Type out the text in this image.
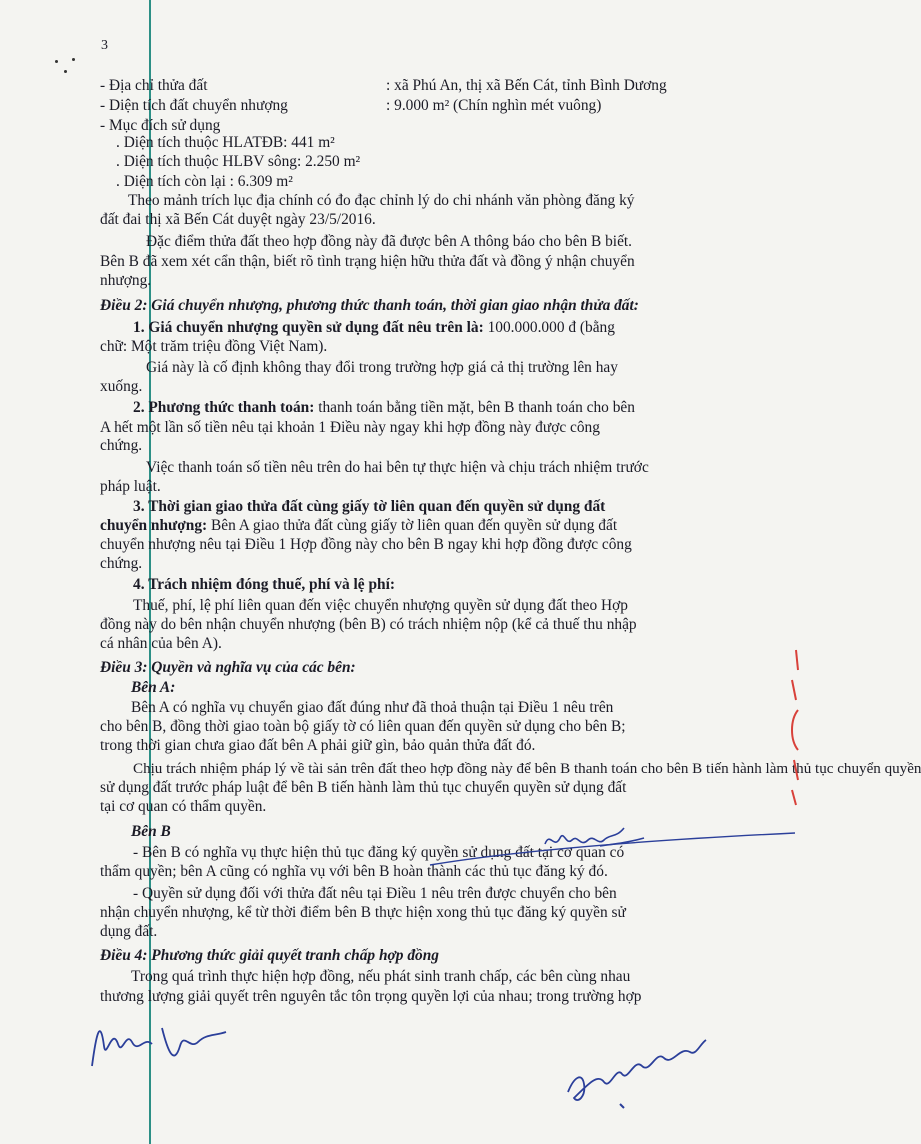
3
- Địa chỉ thửa đất	: xã Phú An, thị xã Bến Cát, tỉnh Bình Dương
- Diện tích đất chuyển nhượng	: 9.000 m² (Chín nghìn mét vuông)
- Mục đích sử dụng
. Diện tích thuộc HLATĐB: 441 m²
. Diện tích thuộc HLBV sông: 2.250 m²
. Diện tích còn lại : 6.309 m²
Theo mảnh trích lục địa chính có đo đạc chỉnh lý do chi nhánh văn phòng đăng ký
đất đai thị xã Bến Cát duyệt ngày 23/5/2016.
Đặc điểm thửa đất theo hợp đồng này đã được bên A thông báo cho bên B biết.
Bên B đã xem xét cẩn thận, biết rõ tình trạng hiện hữu thửa đất và đồng ý nhận chuyển
nhượng.
Điều 2: Giá chuyển nhượng, phương thức thanh toán, thời gian giao nhận thửa đất:
1. Giá chuyển nhượng quyền sử dụng đất nêu trên là: 100.000.000 đ (bằng
chữ: Một trăm triệu đồng Việt Nam).
Giá này là cố định không thay đổi trong trường hợp giá cả thị trường lên hay
xuống.
2. Phương thức thanh toán: thanh toán bằng tiền mặt, bên B thanh toán cho bên
A hết một lần số tiền nêu tại khoản 1 Điều này ngay khi hợp đồng này được công
chứng.
Việc thanh toán số tiền nêu trên do hai bên tự thực hiện và chịu trách nhiệm trước
pháp luật.
3. Thời gian giao thửa đất cùng giấy tờ liên quan đến quyền sử dụng đất
chuyển nhượng: Bên A giao thửa đất cùng giấy tờ liên quan đến quyền sử dụng đất
chuyển nhượng nêu tại Điều 1 Hợp đồng này cho bên B ngay khi hợp đồng được công
chứng.
4. Trách nhiệm đóng thuế, phí và lệ phí:
Thuế, phí, lệ phí liên quan đến việc chuyển nhượng quyền sử dụng đất theo Hợp
đồng này do bên nhận chuyển nhượng (bên B) có trách nhiệm nộp (kể cả thuế thu nhập
cá nhân của bên A).
Điều 3: Quyền và nghĩa vụ của các bên:
Bên A:
Bên A có nghĩa vụ chuyển giao đất đúng như đã thoả thuận tại Điều 1 nêu trên
cho bên B, đồng thời giao toàn bộ giấy tờ có liên quan đến quyền sử dụng cho bên B;
trong thời gian chưa giao đất bên A phải giữ gìn, bảo quản thửa đất đó.
Chịu trách nhiệm pháp lý về tài sản trên đất theo hợp đồng này để bên B thanh toán cho bên B tiến hành làm thủ tục chuyển quyền
sử dụng đất trước pháp luật để bên B tiến hành làm thủ tục chuyển quyền sử dụng đất
tại cơ quan có thẩm quyền.
Bên B
- Bên B có nghĩa vụ thực hiện thủ tục đăng ký quyền sử dụng đất tại cơ quan có
thẩm quyền; bên A cũng có nghĩa vụ với bên B hoàn thành các thủ tục đăng ký đó.
- Quyền sử dụng đối với thửa đất nêu tại Điều 1 nêu trên được chuyển cho bên
nhận chuyển nhượng, kể từ thời điểm bên B thực hiện xong thủ tục đăng ký quyền sử
dụng đất.
Điều 4: Phương thức giải quyết tranh chấp hợp đồng
Trong quá trình thực hiện hợp đồng, nếu phát sinh tranh chấp, các bên cùng nhau
thương lượng giải quyết trên nguyên tắc tôn trọng quyền lợi của nhau; trong trường hợp
